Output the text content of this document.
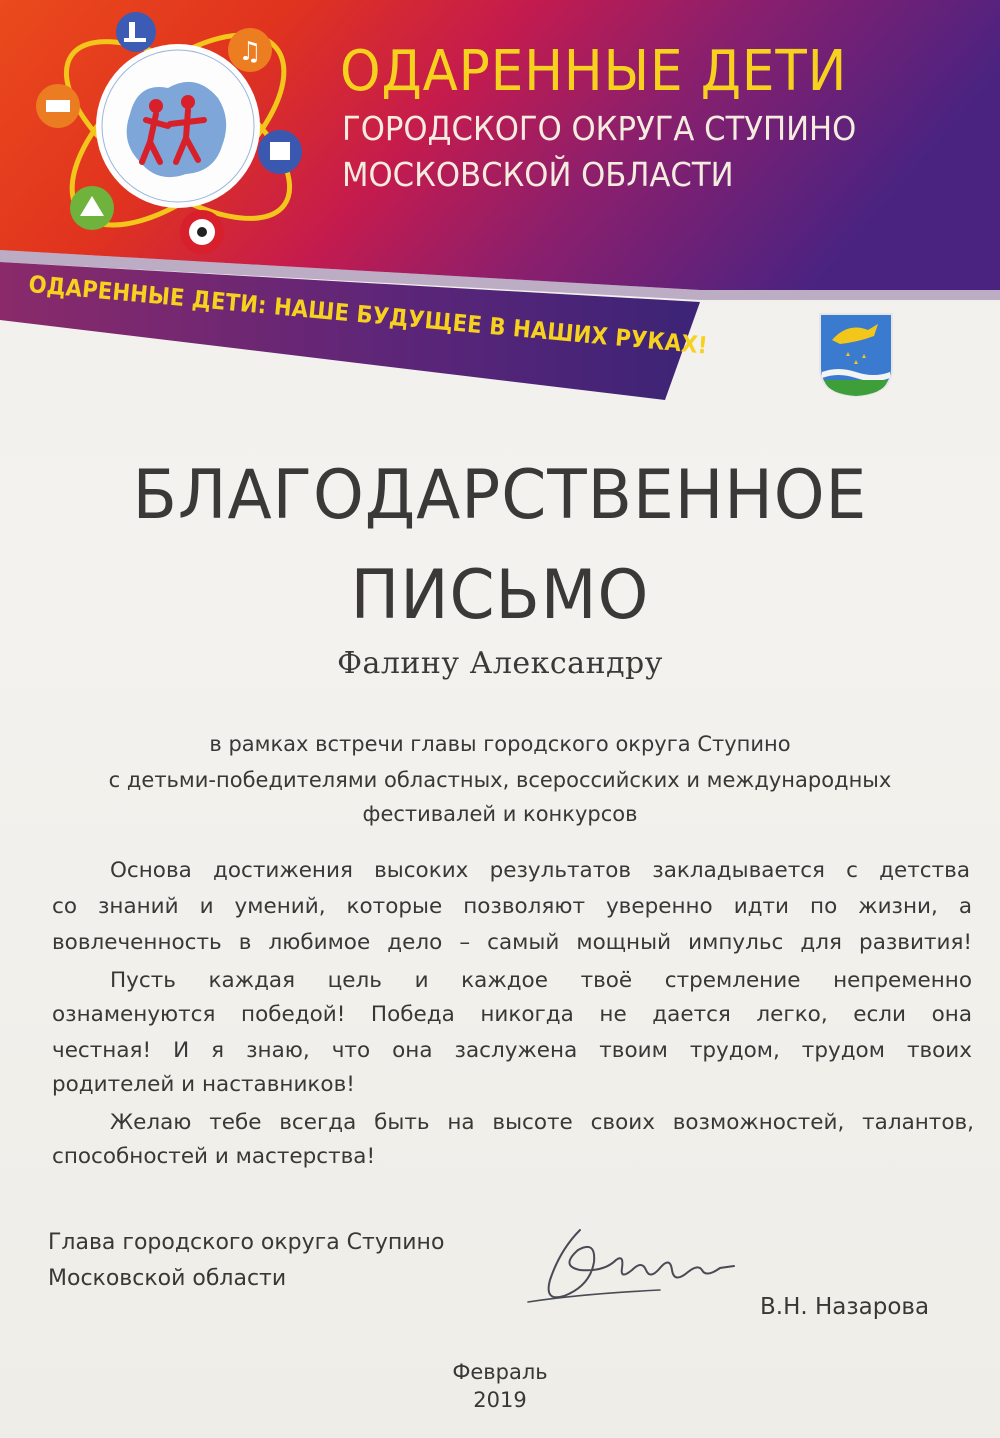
♫ ОДАРЕННЫЕ ДЕТИ
ГОРОДСКОГО ОКРУГА СТУПИНО
МОСКОВСКОЙ ОБЛАСТИ
ОДАРЕННЫЕ ДЕТИ: НАШЕ БУДУЩЕЕ В НАШИХ РУКАХ!
БЛАГОДАРСТВЕННОЕ
ПИСЬМО
Фалину Александру
в рамках встречи главы городского округа Ступино
с детьми-победителями областных, всероссийских и международных
фестивалей и конкурсов
Основа достижения высоких результатов закладывается с детства
со знаний и умений, которые позволяют уверенно идти по жизни, а
вовлеченность в любимое дело – самый мощный импульс для развития!
Пусть каждая цель и каждое твоё стремление непременно
ознаменуются победой! Победа никогда не дается легко, если она
честная! И я знаю, что она заслужена твоим трудом, трудом твоих
родителей и наставников!
Желаю тебе всегда быть на высоте своих возможностей, талантов,
способностей и мастерства!
Глава городского округа Ступино
Московской области
В.Н. Назарова
Февраль
2019
